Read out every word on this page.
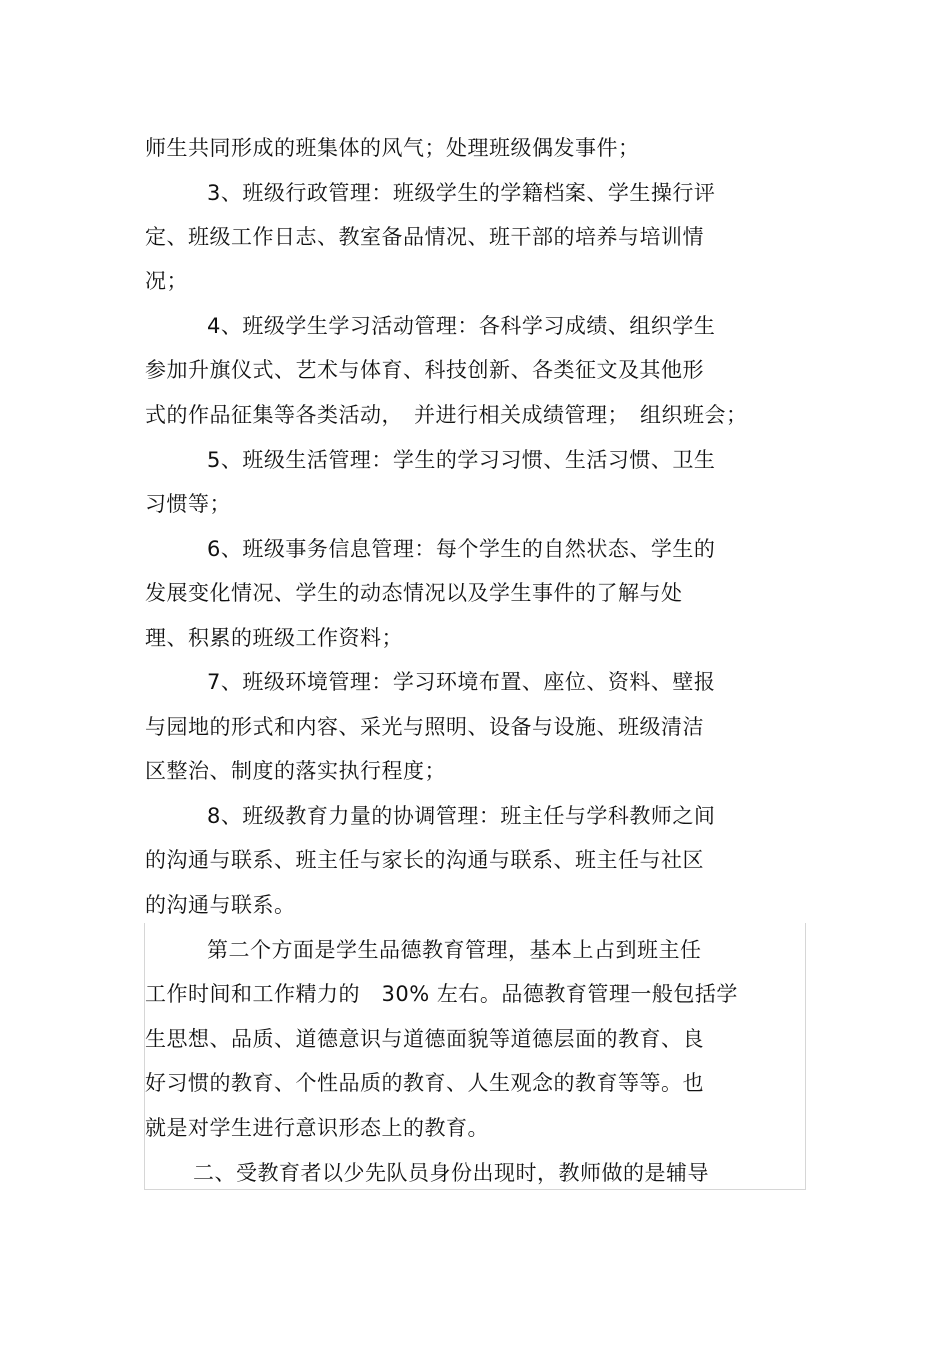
师生共同形成的班集体的风气；处理班级偶发事件；
3、班级行政管理：班级学生的学籍档案、学生操行评
定、班级工作日志、教室备品情况、班干部的培养与培训情
况；
4、班级学生学习活动管理：各科学习成绩、组织学生
参加升旗仪式、艺术与体育、科技创新、各类征文及其他形
式的作品征集等各类活动，　并进行相关成绩管理；　组织班会；
5、班级生活管理：学生的学习习惯、生活习惯、卫生
习惯等；
6、班级事务信息管理：每个学生的自然状态、学生的
发展变化情况、学生的动态情况以及学生事件的了解与处
理、积累的班级工作资料；
7、班级环境管理：学习环境布置、座位、资料、壁报
与园地的形式和内容、采光与照明、设备与设施、班级清洁
区整治、制度的落实执行程度；
8、班级教育力量的协调管理：班主任与学科教师之间
的沟通与联系、班主任与家长的沟通与联系、班主任与社区
的沟通与联系。
第二个方面是学生品德教育管理，基本上占到班主任
工作时间和工作精力的　30% 左右。品德教育管理一般包括学
生思想、品质、道德意识与道德面貌等道德层面的教育、良
好习惯的教育、个性品质的教育、人生观念的教育等等。也
就是对学生进行意识形态上的教育。
二、受教育者以少先队员身份出现时，教师做的是辅导
